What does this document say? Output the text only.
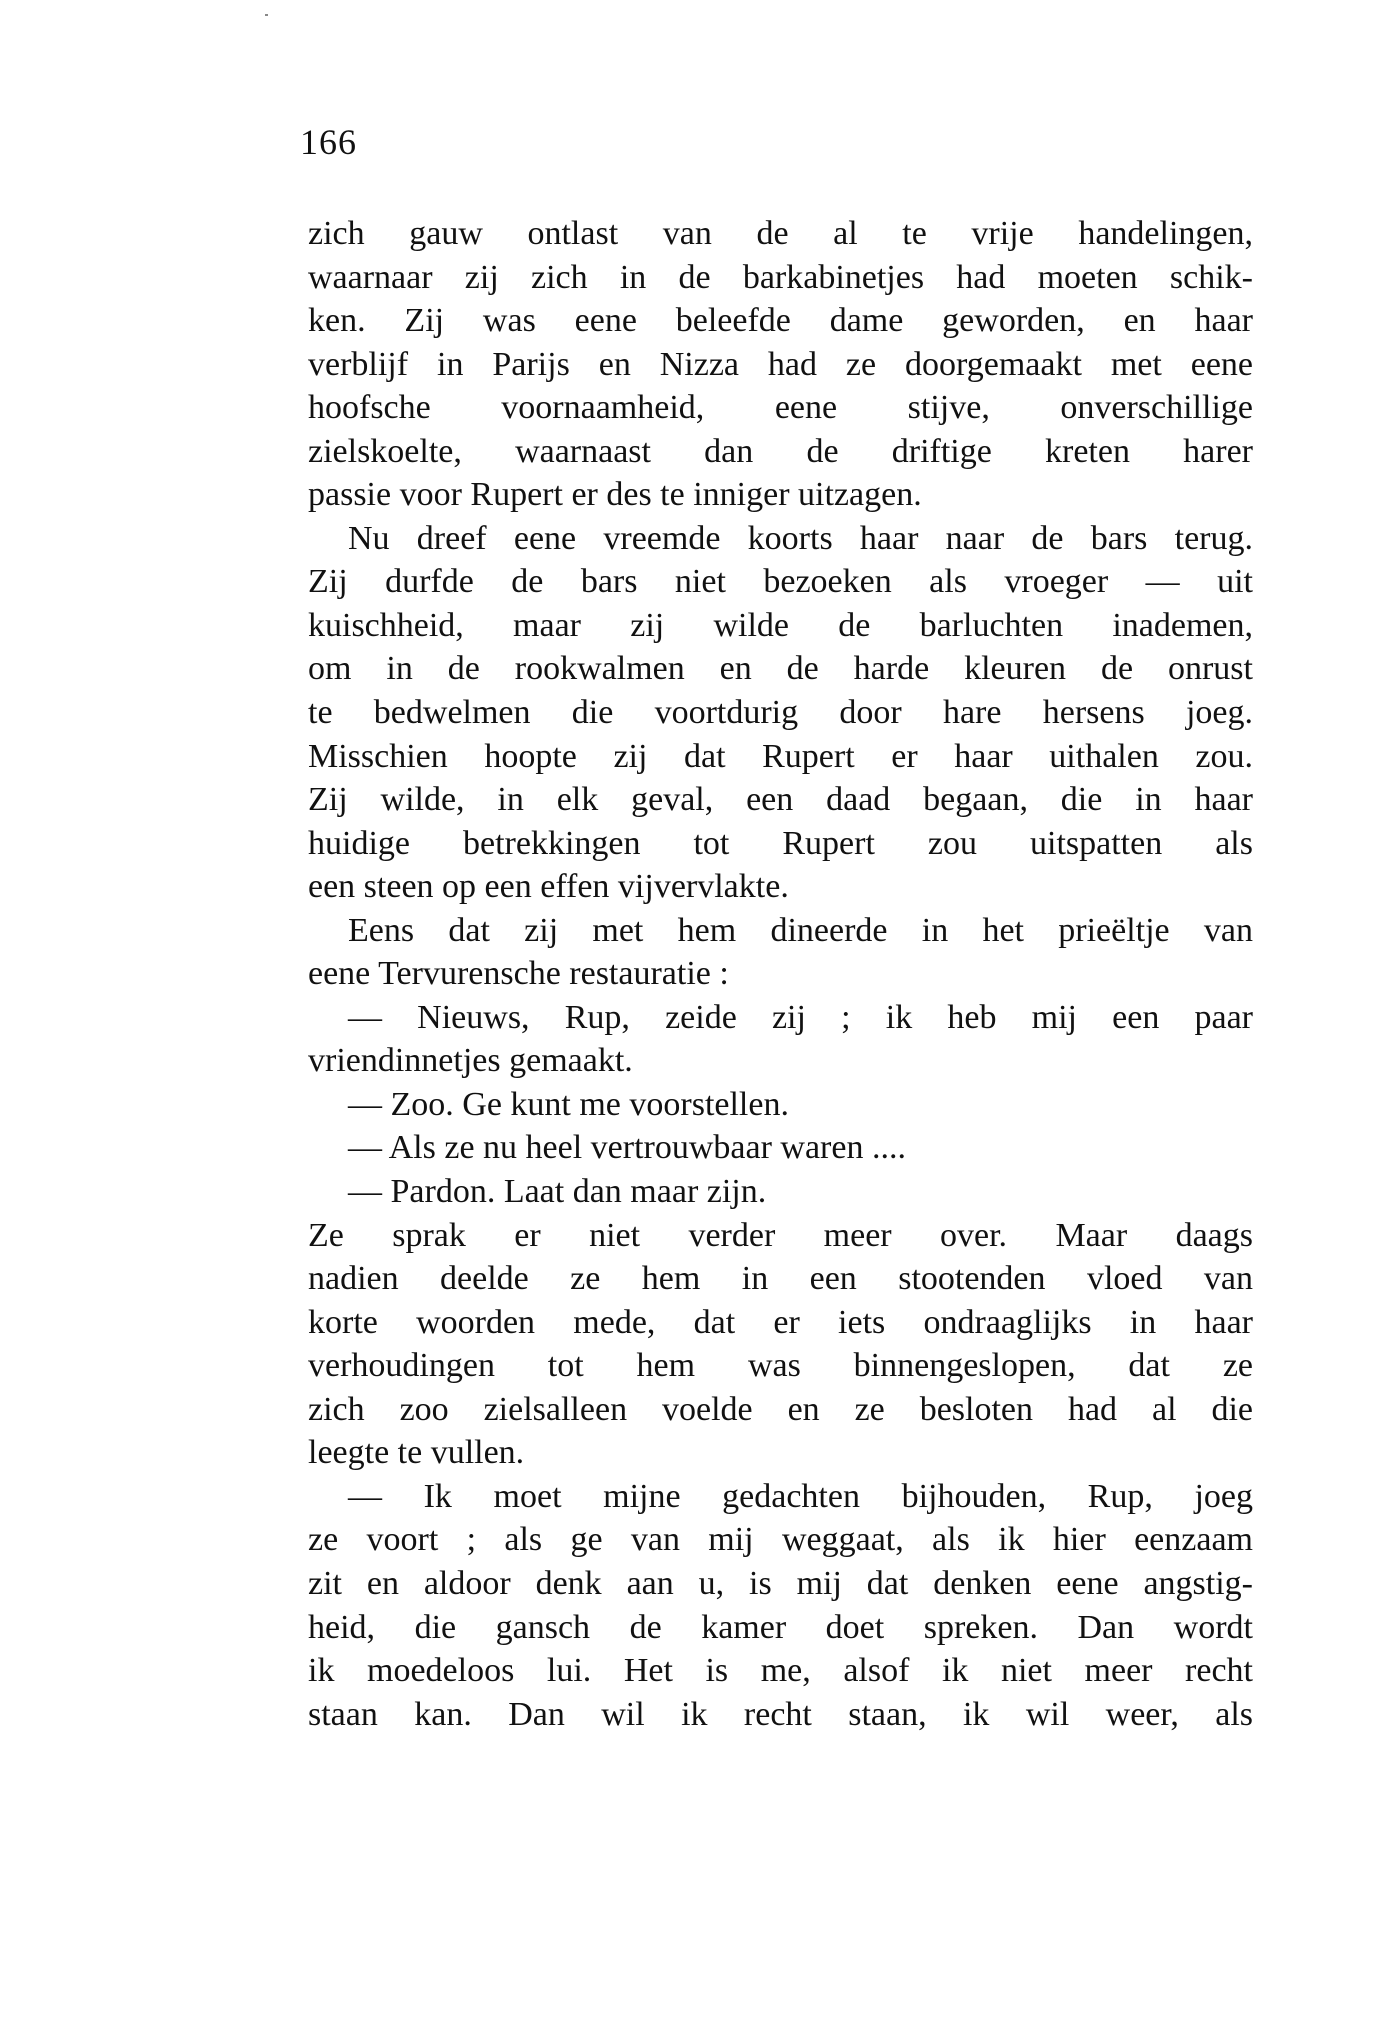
166
zich gauw ontlast van de al te vrije handelingen,
waarnaar zij zich in de barkabinetjes had moeten schik-
ken. Zij was eene beleefde dame geworden, en haar
verblijf in Parijs en Nizza had ze doorgemaakt met eene
hoofsche voornaamheid, eene stijve, onverschillige
zielskoelte, waarnaast dan de driftige kreten harer
passie voor Rupert er des te inniger uitzagen.
Nu dreef eene vreemde koorts haar naar de bars terug.
Zij durfde de bars niet bezoeken als vroeger — uit
kuischheid, maar zij wilde de barluchten inademen,
om in de rookwalmen en de harde kleuren de onrust
te bedwelmen die voortdurig door hare hersens joeg.
Misschien hoopte zij dat Rupert er haar uithalen zou.
Zij wilde, in elk geval, een daad begaan, die in haar
huidige betrekkingen tot Rupert zou uitspatten als
een steen op een effen vijvervlakte.
Eens dat zij met hem dineerde in het prieëltje van
eene Tervurensche restauratie :
— Nieuws, Rup, zeide zij ; ik heb mij een paar
vriendinnetjes gemaakt.
— Zoo. Ge kunt me voorstellen.
— Als ze nu heel vertrouwbaar waren ....
— Pardon. Laat dan maar zijn.
Ze sprak er niet verder meer over. Maar daags
nadien deelde ze hem in een stootenden vloed van
korte woorden mede, dat er iets ondraaglijks in haar
verhoudingen tot hem was binnengeslopen, dat ze
zich zoo zielsalleen voelde en ze besloten had al die
leegte te vullen.
— Ik moet mijne gedachten bijhouden, Rup, joeg
ze voort ; als ge van mij weggaat, als ik hier eenzaam
zit en aldoor denk aan u, is mij dat denken eene angstig-
heid, die gansch de kamer doet spreken. Dan wordt
ik moedeloos lui. Het is me, alsof ik niet meer recht
staan kan. Dan wil ik recht staan, ik wil weer, als
